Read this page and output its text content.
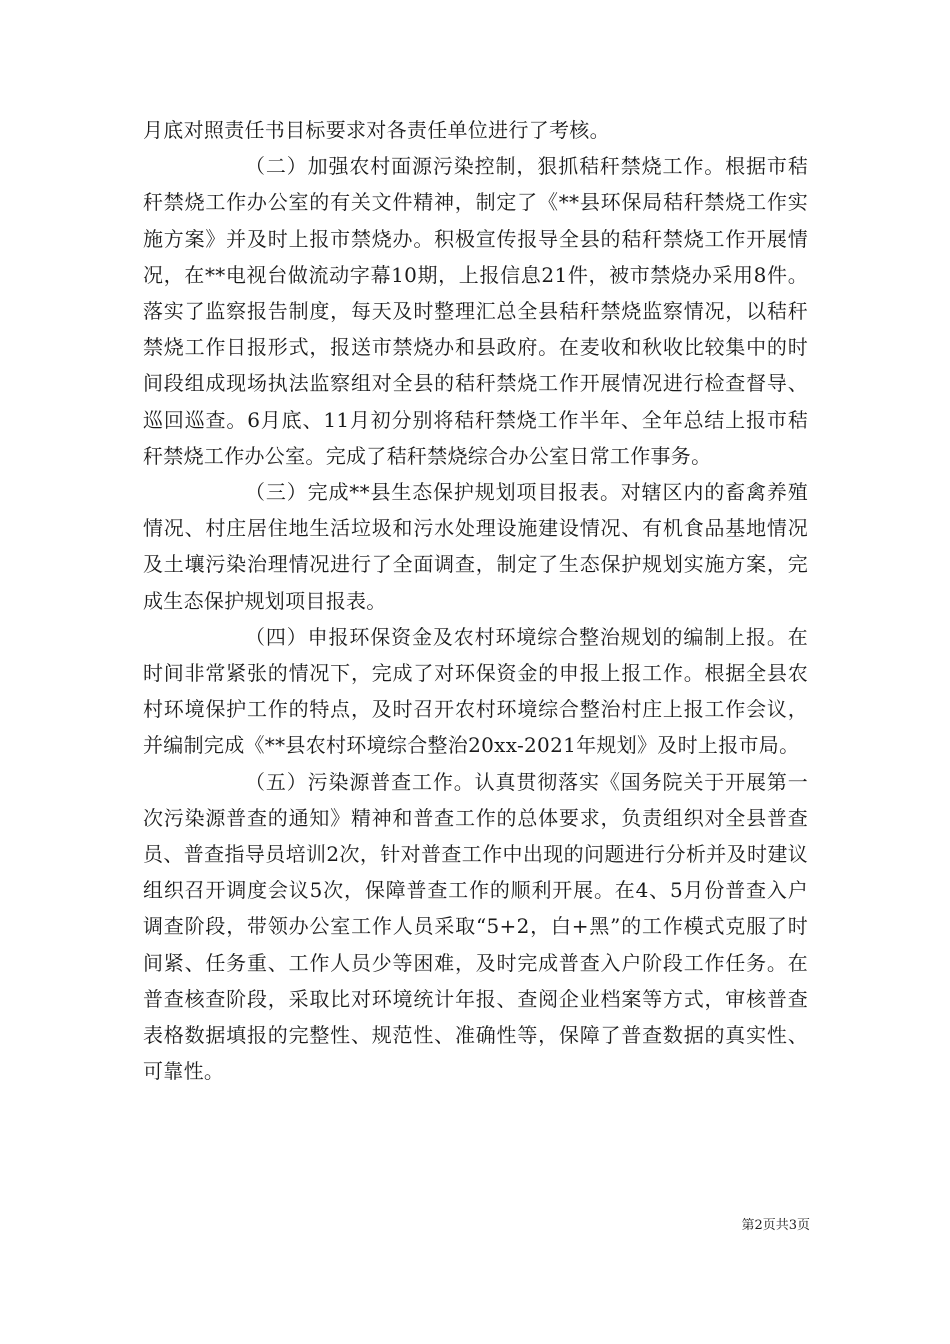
月底对照责任书目标要求对各责任单位进行了考核。

（二）加强农村面源污染控制，狠抓秸秆禁烧工作。根据市秸秆禁烧工作办公室的有关文件精神，制定了《**县环保局秸秆禁烧工作实施方案》并及时上报市禁烧办。积极宣传报导全县的秸秆禁烧工作开展情况，在**电视台做流动字幕10期，上报信息21件，被市禁烧办采用8件。落实了监察报告制度，每天及时整理汇总全县秸秆禁烧监察情况，以秸秆禁烧工作日报形式，报送市禁烧办和县政府。在麦收和秋收比较集中的时间段组成现场执法监察组对全县的秸秆禁烧工作开展情况进行检查督导、巡回巡查。6月底、11月初分别将秸秆禁烧工作半年、全年总结上报市秸秆禁烧工作办公室。完成了秸秆禁烧综合办公室日常工作事务。

（三）完成**县生态保护规划项目报表。对辖区内的畜禽养殖情况、村庄居住地生活垃圾和污水处理设施建设情况、有机食品基地情况及土壤污染治理情况进行了全面调查，制定了生态保护规划实施方案，完成生态保护规划项目报表。

（四）申报环保资金及农村环境综合整治规划的编制上报。在时间非常紧张的情况下，完成了对环保资金的申报上报工作。根据全县农村环境保护工作的特点，及时召开农村环境综合整治村庄上报工作会议，并编制完成《**县农村环境综合整治20xx-2021年规划》及时上报市局。

（五）污染源普查工作。认真贯彻落实《国务院关于开展第一次污染源普查的通知》精神和普查工作的总体要求，负责组织对全县普查员、普查指导员培训2次，针对普查工作中出现的问题进行分析并及时建议组织召开调度会议5次，保障普查工作的顺利开展。在4、5月份普查入户调查阶段，带领办公室工作人员采取“5+2，白+黑”的工作模式克服了时间紧、任务重、工作人员少等困难，及时完成普查入户阶段工作任务。在普查核查阶段，采取比对环境统计年报、查阅企业档案等方式，审核普查表格数据填报的完整性、规范性、准确性等，保障了普查数据的真实性、可靠性。

第2页共3页
